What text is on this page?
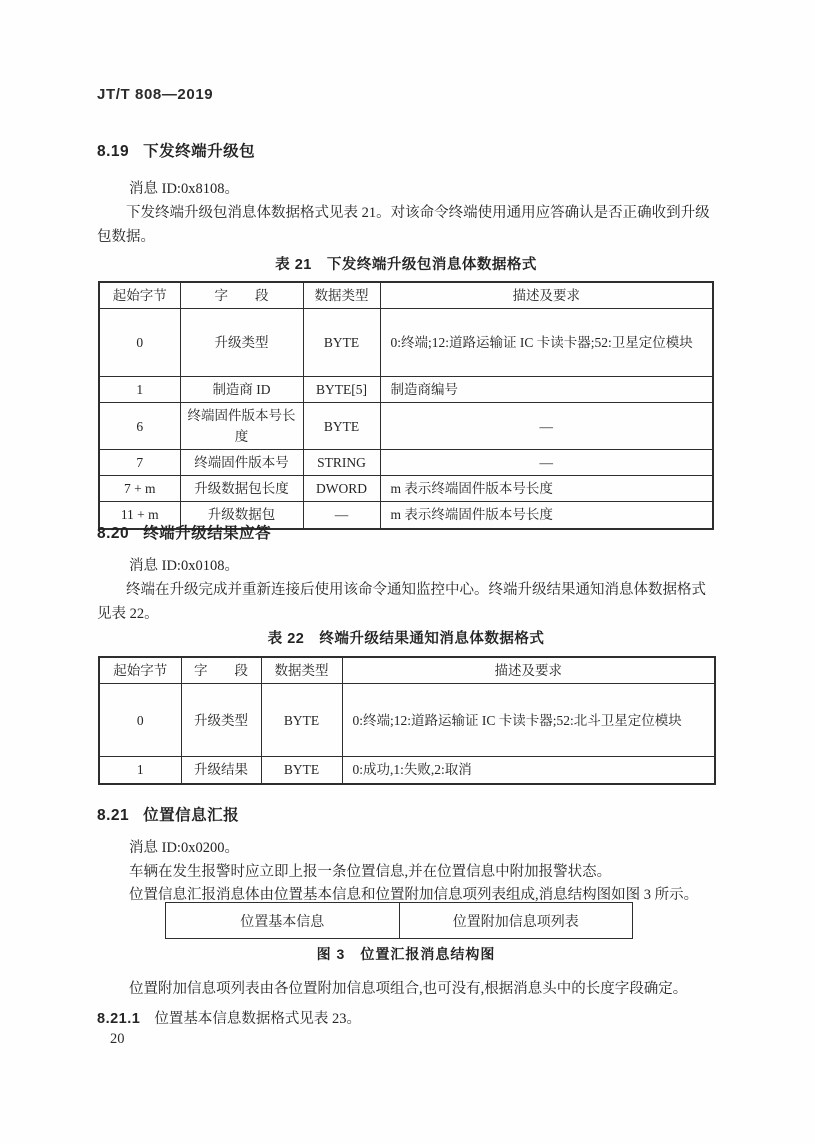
JT/T 808—2019
8.19 下发终端升级包
消息 ID:0x8108。
下发终端升级包消息体数据格式见表 21。对该命令终端使用通用应答确认是否正确收到升级包数据。
表 21　下发终端升级包消息体数据格式
起始字节	字　　段	数据类型	描述及要求
0	升级类型	BYTE	0:终端;12:道路运输证 IC 卡读卡器;52:卫星定位模块
1	制造商 ID	BYTE[5]	制造商编号
6	终端固件版本号长度	BYTE	—
7	终端固件版本号	STRING	—
7 + m	升级数据包长度	DWORD	m 表示终端固件版本号长度
11 + m	升级数据包	—	m 表示终端固件版本号长度
8.20 终端升级结果应答
消息 ID:0x0108。
终端在升级完成并重新连接后使用该命令通知监控中心。终端升级结果通知消息体数据格式见表 22。
表 22　终端升级结果通知消息体数据格式
起始字节	字　　段	数据类型	描述及要求
0	升级类型	BYTE	0:终端;12:道路运输证 IC 卡读卡器;52:北斗卫星定位模块
1	升级结果	BYTE	0:成功,1:失败,2:取消
8.21 位置信息汇报
消息 ID:0x0200。
车辆在发生报警时应立即上报一条位置信息,并在位置信息中附加报警状态。
位置信息汇报消息体由位置基本信息和位置附加信息项列表组成,消息结构图如图 3 所示。
位置基本信息	位置附加信息项列表
图 3　位置汇报消息结构图
位置附加信息项列表由各位置附加信息项组合,也可没有,根据消息头中的长度字段确定。
8.21.1 位置基本信息数据格式见表 23。
20
